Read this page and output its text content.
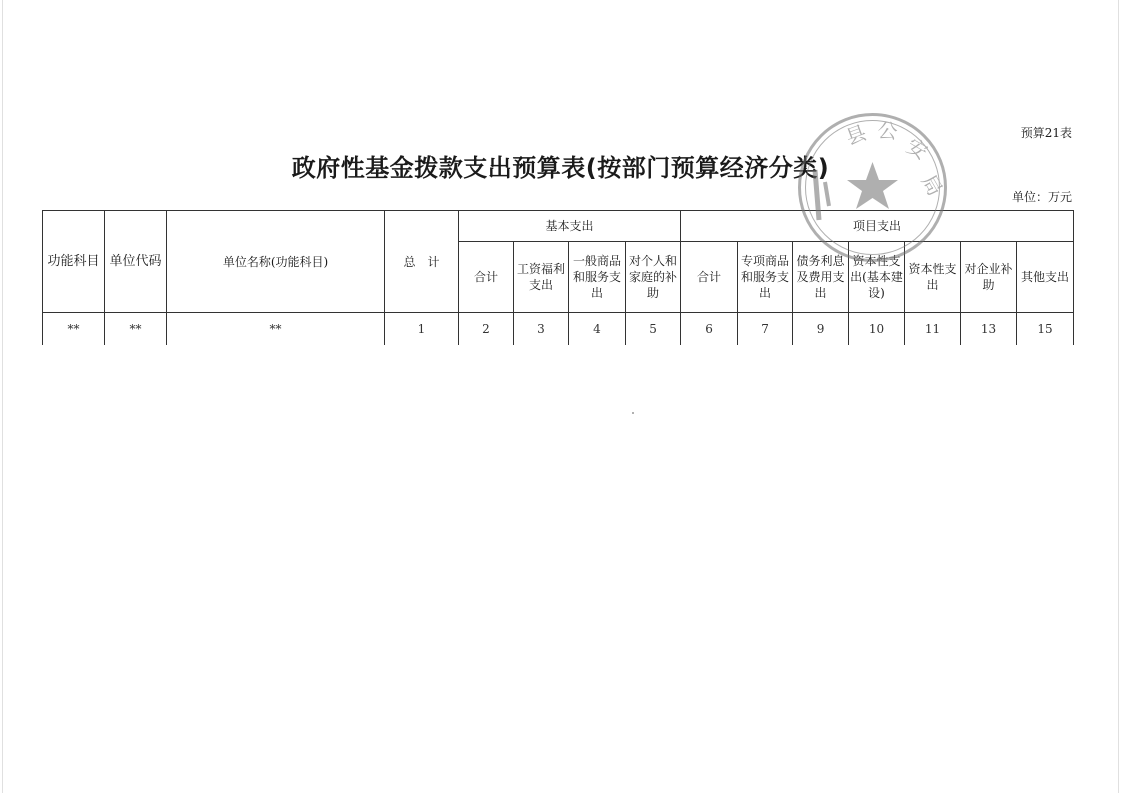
预算21表
政府性基金拨款支出预算表(按部门预算经济分类)
单位：万元
功能科目	单位代码	单位名称(功能科目)	总　计	基本支出				项目支出						
				合计	工资福利支出	一般商品和服务支出	对个人和家庭的补助	合计	专项商品和服务支出	债务利息及费用支出	资本性支出(基本建设)	资本性支出	对企业补助	其他支出
**	**	**	1	2	3	4	5	6	7	9	10	11	13	15
县 公
安
局
